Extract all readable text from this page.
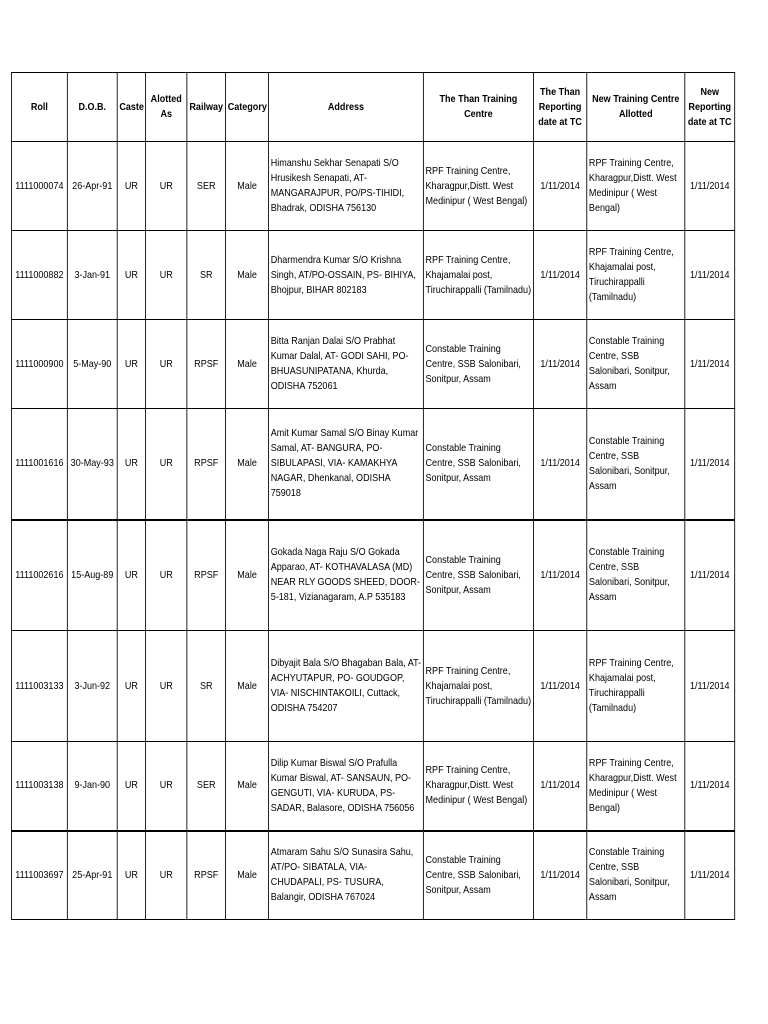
Roll	D.O.B.	Caste	Alotted As	Railway	Category	Address	The Than Training Centre	The Than Reporting date at TC	New Training Centre Allotted	New Reporting date at TC
1111000074	26-Apr-91	UR	UR	SER	Male	Himanshu Sekhar Senapati S/O Hrusikesh Senapati, AT- MANGARAJPUR, PO/PS-TIHIDI, Bhadrak, ODISHA 756130	RPF Training Centre, Kharagpur,Distt. West Medinipur ( West Bengal)	1/11/2014	RPF Training Centre, Kharagpur,Distt. West Medinipur ( West Bengal)	1/11/2014
1111000882	3-Jan-91	UR	UR	SR	Male	Dharmendra Kumar S/O Krishna Singh, AT/PO-OSSAIN, PS- BIHIYA, Bhojpur, BIHAR 802183	RPF Training Centre, Khajamalai post, Tiruchirappalli (Tamilnadu)	1/11/2014	RPF Training Centre, Khajamalai post, Tiruchirappalli (Tamilnadu)	1/11/2014
1111000900	5-May-90	UR	UR	RPSF	Male	Bitta Ranjan Dalai S/O Prabhat Kumar Dalal, AT- GODI SAHI, PO- BHUASUNIPATANA, Khurda, ODISHA 752061	Constable Training Centre, SSB Salonibari, Sonitpur, Assam	1/11/2014	Constable Training Centre, SSB Salonibari, Sonitpur, Assam	1/11/2014
1111001616	30-May-93	UR	UR	RPSF	Male	Amit Kumar Samal S/O Binay Kumar Samal, AT- BANGURA, PO- SIBULAPASI, VIA- KAMAKHYA NAGAR, Dhenkanal, ODISHA 759018	Constable Training Centre, SSB Salonibari, Sonitpur, Assam	1/11/2014	Constable Training Centre, SSB Salonibari, Sonitpur, Assam	1/11/2014
1111002616	15-Aug-89	UR	UR	RPSF	Male	Gokada Naga Raju S/O Gokada Apparao, AT- KOTHAVALASA (MD) NEAR RLY GOODS SHEED, DOOR-5-181, Vizianagaram, A.P 535183	Constable Training Centre, SSB Salonibari, Sonitpur, Assam	1/11/2014	Constable Training Centre, SSB Salonibari, Sonitpur, Assam	1/11/2014
1111003133	3-Jun-92	UR	UR	SR	Male	Dibyajit Bala S/O Bhagaban Bala, AT- ACHYUTAPUR, PO- GOUDGOP, VIA- NISCHINTAKOILI, Cuttack, ODISHA 754207	RPF Training Centre, Khajamalai post, Tiruchirappalli (Tamilnadu)	1/11/2014	RPF Training Centre, Khajamalai post, Tiruchirappalli (Tamilnadu)	1/11/2014
1111003138	9-Jan-90	UR	UR	SER	Male	Dilip Kumar Biswal S/O Prafulla Kumar Biswal, AT- SANSAUN, PO- GENGUTI, VIA- KURUDA, PS- SADAR, Balasore, ODISHA 756056	RPF Training Centre, Kharagpur,Distt. West Medinipur ( West Bengal)	1/11/2014	RPF Training Centre, Kharagpur,Distt. West Medinipur ( West Bengal)	1/11/2014
1111003697	25-Apr-91	UR	UR	RPSF	Male	Atmaram Sahu S/O Sunasira Sahu, AT/PO- SIBATALA, VIA- CHUDAPALI, PS- TUSURA, Balangir, ODISHA 767024	Constable Training Centre, SSB Salonibari, Sonitpur, Assam	1/11/2014	Constable Training Centre, SSB Salonibari, Sonitpur, Assam	1/11/2014
